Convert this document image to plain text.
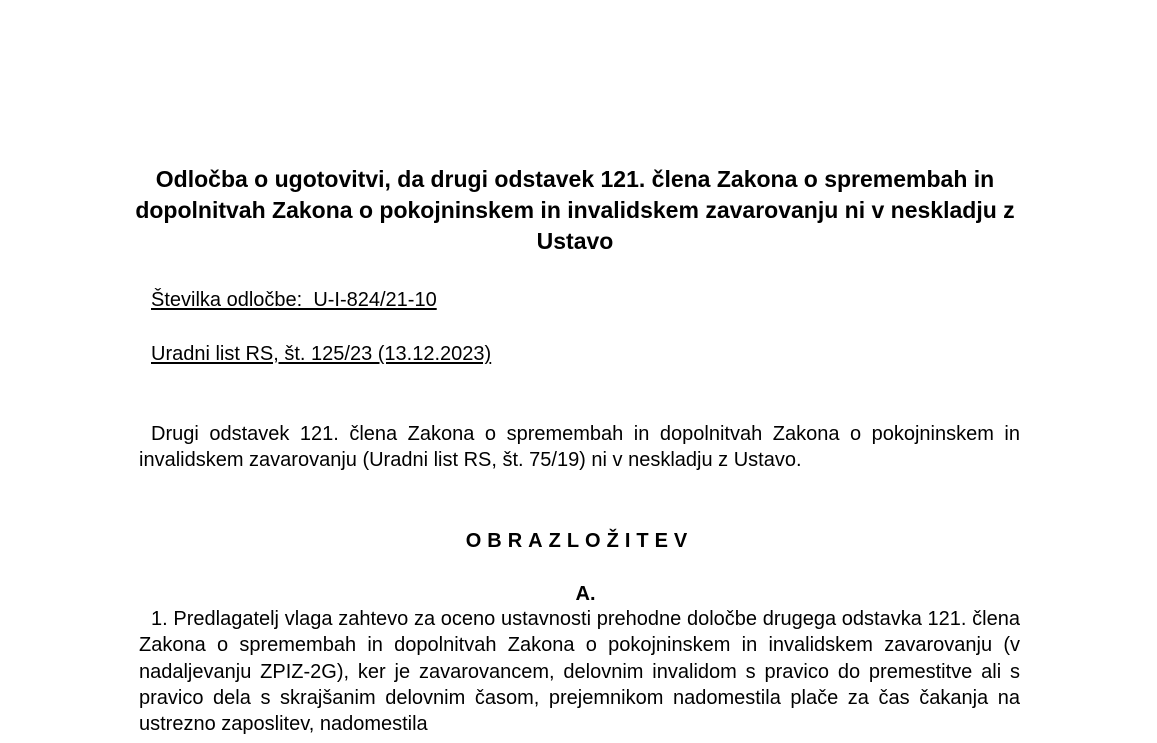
Odločba o ugotovitvi, da drugi odstavek 121. člena Zakona o spremembah in dopolnitvah Zakona o pokojninskem in invalidskem zavarovanju ni v neskladju z Ustavo

Številka odločbe:  U-I-824/21-10

Uradni list RS, št. 125/23 (13.12.2023)

Drugi odstavek 121. člena Zakona o spremembah in dopolnitvah Zakona o pokojninskem in invalidskem zavarovanju (Uradni list RS, št. 75/19) ni v neskladju z Ustavo.

OBRAZLOŽITEV
A.

1. Predlagatelj vlaga zahtevo za oceno ustavnosti prehodne določbe drugega odstavka 121. člena Zakona o spremembah in dopolnitvah Zakona o pokojninskem in invalidskem zavarovanju (v nadaljevanju ZPIZ-2G), ker je zavarovancem, delovnim invalidom s pravico do premestitve ali s pravico dela s skrajšanim delovnim časom, prejemnikom nadomestila plače za čas čakanja na ustrezno zaposlitev, nadomestila
